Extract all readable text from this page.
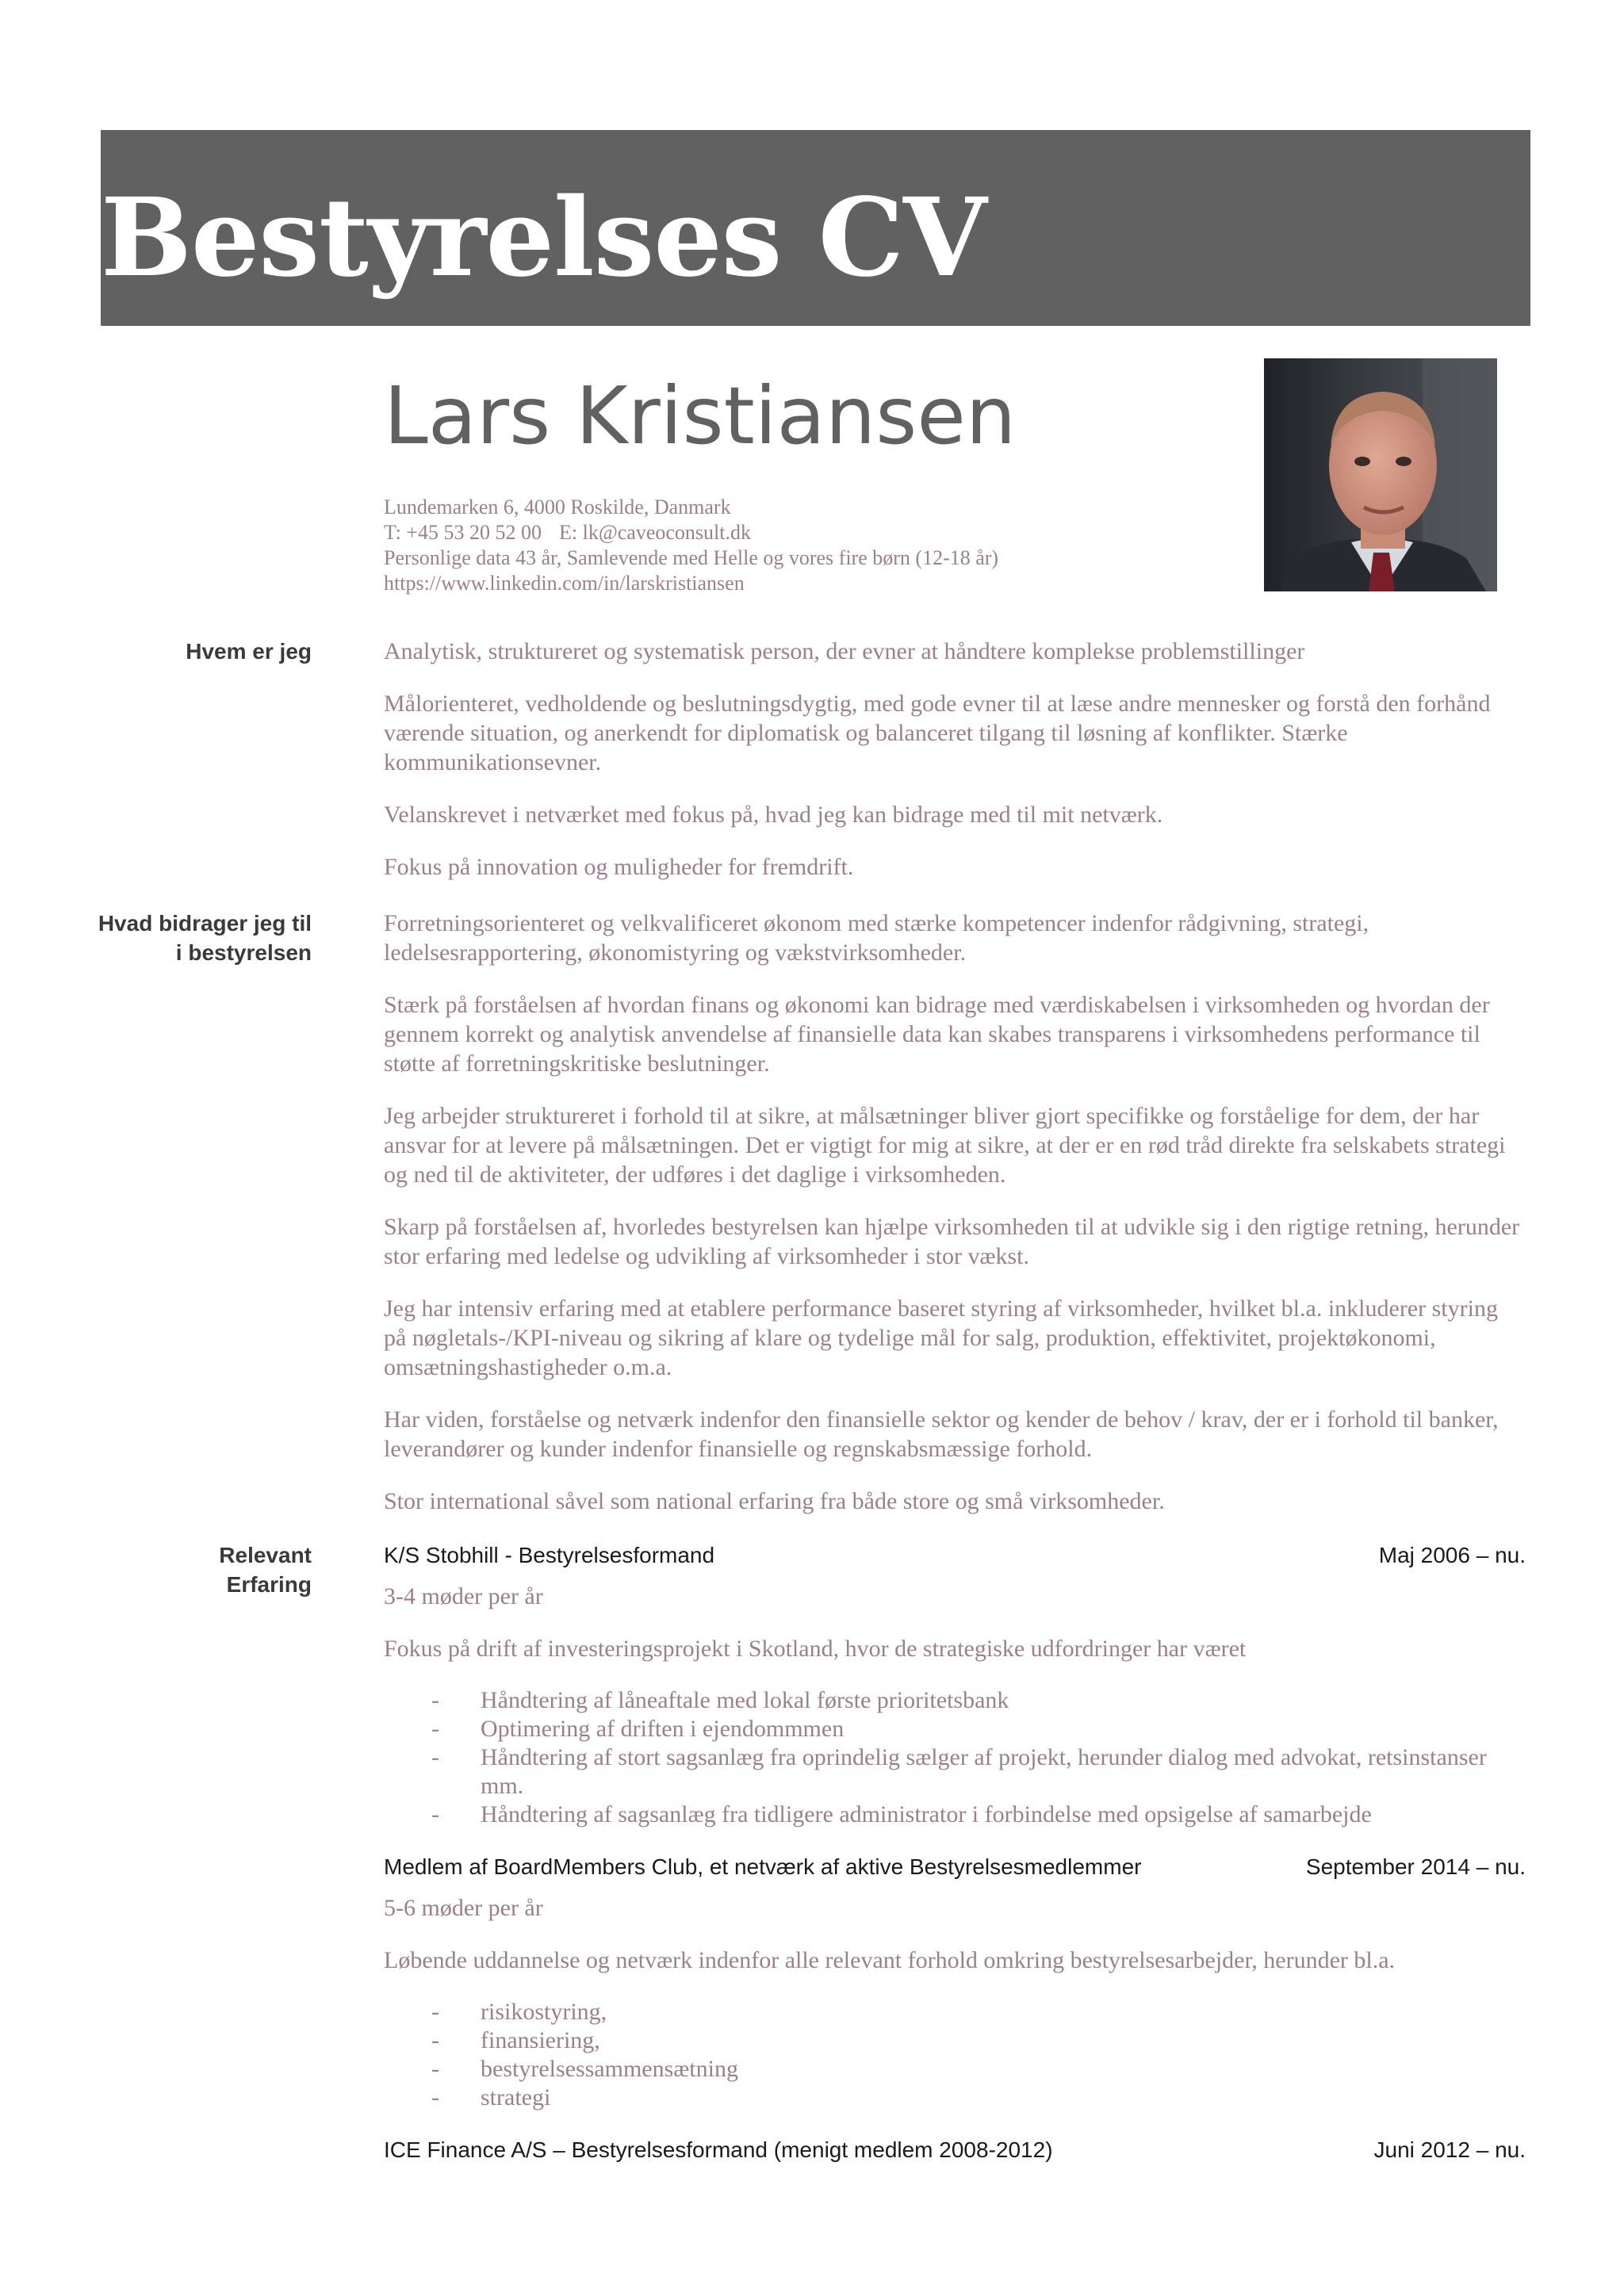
Bestyrelses CV
Lars Kristiansen
Lundemarken 6, 4000 Roskilde, Danmark
T: +45 53 20 52 00 E: lk@caveoconsult.dk
Personlige data 43 år, Samlevende med Helle og vores fire børn (12-18 år)
https://www.linkedin.com/in/larskristiansen
Hvem er jeg	Analytisk, struktureret og systematisk person, der evner at håndtere komplekse problemstillinger

Målorienteret, vedholdende og beslutningsdygtig, med gode evner til at læse andre mennesker og forstå den forhånd værende situation, og anerkendt for diplomatisk og balanceret tilgang til løsning af konflikter. Stærke kommunikationsevner.

Velanskrevet i netværket med fokus på, hvad jeg kan bidrage med til mit netværk.

Fokus på innovation og muligheder for fremdrift.

Hvad bidrager jeg til
i bestyrelsen

Forretningsorienteret og velkvalificeret økonom med stærke kompetencer indenfor rådgivning, strategi, ledelsesrapportering, økonomistyring og vækstvirksomheder.

Stærk på forståelsen af hvordan finans og økonomi kan bidrage med værdiskabelsen i virksomheden og hvordan der gennem korrekt og analytisk anvendelse af finansielle data kan skabes transparens i virksomhedens performance til støtte af forretningskritiske beslutninger.

Jeg arbejder struktureret i forhold til at sikre, at målsætninger bliver gjort specifikke og forståelige for dem, der har ansvar for at levere på målsætningen. Det er vigtigt for mig at sikre, at der er en rød tråd direkte fra selskabets strategi og ned til de aktiviteter, der udføres i det daglige i virksomheden.

Skarp på forståelsen af, hvorledes bestyrelsen kan hjælpe virksomheden til at udvikle sig i den rigtige retning, herunder stor erfaring med ledelse og udvikling af virksomheder i stor vækst.

Jeg har intensiv erfaring med at etablere performance baseret styring af virksomheder, hvilket bl.a. inkluderer styring på nøgletals-/KPI-niveau og sikring af klare og tydelige mål for salg, produktion, effektivitet, projektøkonomi, omsætningshastigheder o.m.a.

Har viden, forståelse og netværk indenfor den finansielle sektor og kender de behov / krav, der er i forhold til banker, leverandører og kunder indenfor finansielle og regnskabsmæssige forhold.

Stor international såvel som national erfaring fra både store og små virksomheder.

Relevant
Erfaring
K/S Stobhill - Bestyrelsesformand	Maj 2006 – nu.

3-4 møder per år

Fokus på drift af investeringsprojekt i Skotland, hvor de strategiske udfordringer har været

- Håndtering af låneaftale med lokal første prioritetsbank
- Optimering af driften i ejendommmen
- Håndtering af stort sagsanlæg fra oprindelig sælger af projekt, herunder dialog med advokat, retsinstanser mm.
- Håndtering af sagsanlæg fra tidligere administrator i forbindelse med opsigelse af samarbejde
Medlem af BoardMembers Club, et netværk af aktive Bestyrelsesmedlemmer	September 2014 – nu.

5-6 møder per år

Løbende uddannelse og netværk indenfor alle relevant forhold omkring bestyrelsesarbejder, herunder bl.a.

- risikostyring,
- finansiering,
- bestyrelsessammensætning
- strategi
ICE Finance A/S – Bestyrelsesformand (menigt medlem 2008-2012)	Juni 2012 – nu.
